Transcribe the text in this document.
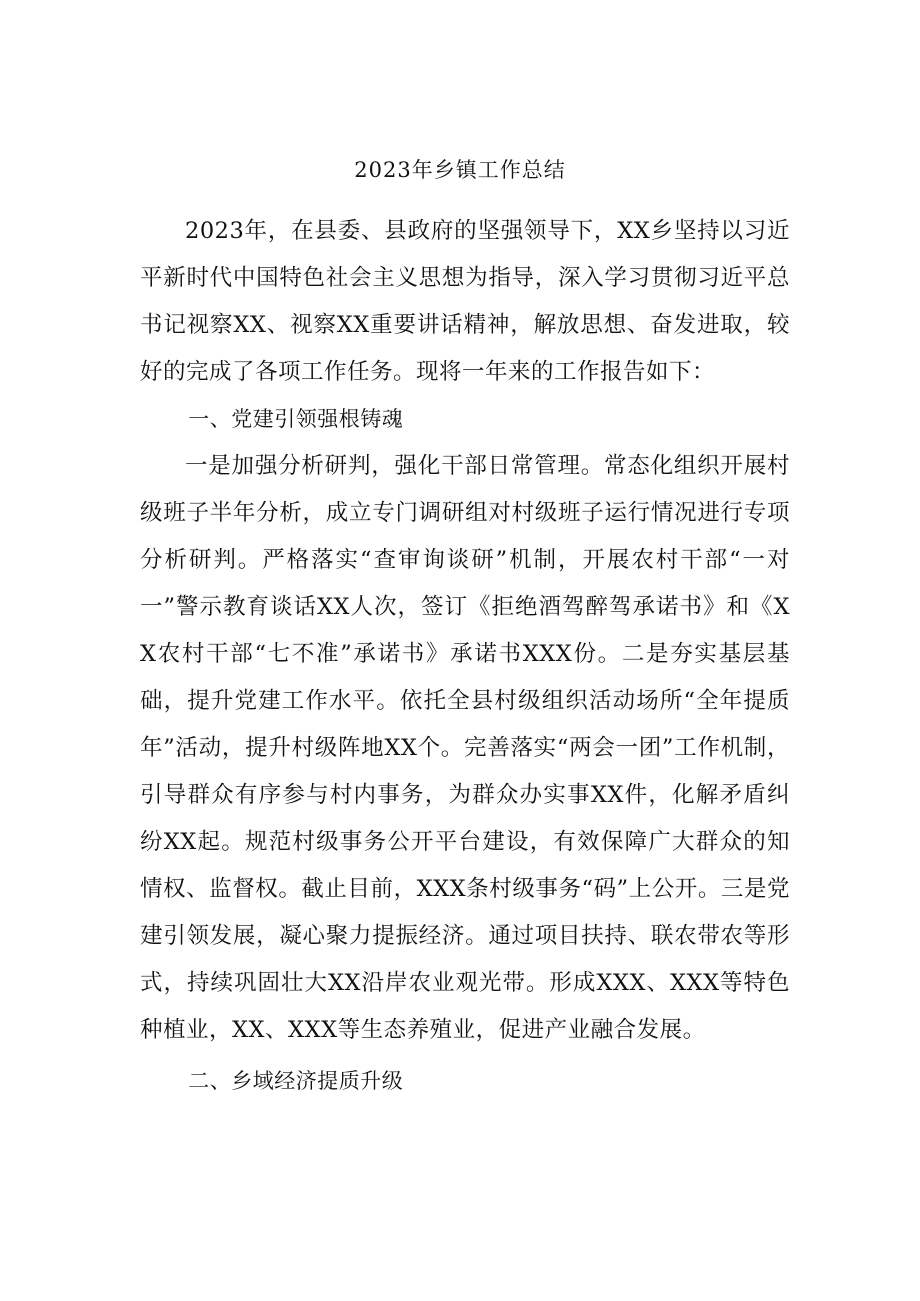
2023年乡镇工作总结

2023年，在县委、县政府的坚强领导下，XX乡坚持以习近平新时代中国特色社会主义思想为指导，深入学习贯彻习近平总书记视察XX、视察XX重要讲话精神，解放思想、奋发进取，较好的完成了各项工作任务。现将一年来的工作报告如下：

一、党建引领强根铸魂

一是加强分析研判，强化干部日常管理。常态化组织开展村级班子半年分析，成立专门调研组对村级班子运行情况进行专项分析研判。严格落实“查审询谈研”机制，开展农村干部“一对一”警示教育谈话XX人次，签订《拒绝酒驾醉驾承诺书》和《XX农村干部“七不准”承诺书》承诺书XXX份。二是夯实基层基础，提升党建工作水平。依托全县村级组织活动场所“全年提质年”活动，提升村级阵地XX个。完善落实“两会一团”工作机制，引导群众有序参与村内事务，为群众办实事XX件，化解矛盾纠纷XX起。规范村级事务公开平台建设，有效保障广大群众的知情权、监督权。截止目前，XXX条村级事务“码”上公开。三是党建引领发展，凝心聚力提振经济。通过项目扶持、联农带农等形式，持续巩固壮大XX沿岸农业观光带。形成XXX、XXX等特色种植业，XX、XXX等生态养殖业，促进产业融合发展。

二、乡域经济提质升级
